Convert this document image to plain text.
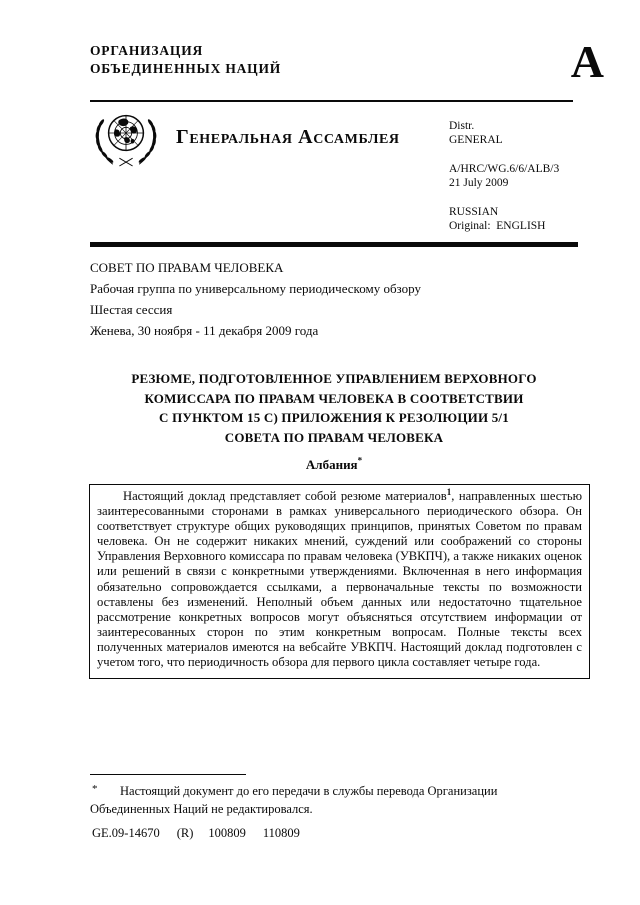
ОРГАНИЗАЦИЯ
ОБЪЕДИНЕННЫХ НАЦИЙ	A
Генеральная Ассамблея	Distr.
GENERAL
A/HRC/WG.6/6/ALB/3
21 July 2009
RUSSIAN
Original: ENGLISH
СОВЕТ ПО ПРАВАМ ЧЕЛОВЕКА
Рабочая группа по универсальному периодическому обзору
Шестая сессия
Женева, 30 ноября - 11 декабря 2009 года
РЕЗЮМЕ, ПОДГОТОВЛЕННОЕ УПРАВЛЕНИЕМ ВЕРХОВНОГО
КОМИССАРА ПО ПРАВАМ ЧЕЛОВЕКА В СООТВЕТСТВИИ
С ПУНКТОМ 15 С) ПРИЛОЖЕНИЯ К РЕЗОЛЮЦИИ 5/1
СОВЕТА ПО ПРАВАМ ЧЕЛОВЕКА
Албания*

Настоящий доклад представляет собой резюме материалов$^1$, направленных шестью заинтересованными сторонами в рамках универсального периодического обзора. Он соответствует структуре общих руководящих принципов, принятых Советом по правам человека. Он не содержит никаких мнений, суждений или соображений со стороны Управления Верховного комиссара по правам человека (УВКПЧ), а также никаких оценок или решений в связи с конкретными утверждениями. Включенная в него информация обязательно сопровождается ссылками, а первоначальные тексты по возможности оставлены без изменений. Неполный объем данных или недостаточно тщательное рассмотрение конкретных вопросов могут объясняться отсутствием информации от заинтересованных сторон по этим конкретным вопросам. Полные тексты всех полученных материалов имеются на вебсайте УВКПЧ. Настоящий доклад подготовлен с учетом того, что периодичность обзора для первого цикла составляет четыре года.

*	Настоящий документ до его передачи в службы перевода Организации Объединенных Наций не редактировался.

GE.09-14670 (R) 100809 110809
